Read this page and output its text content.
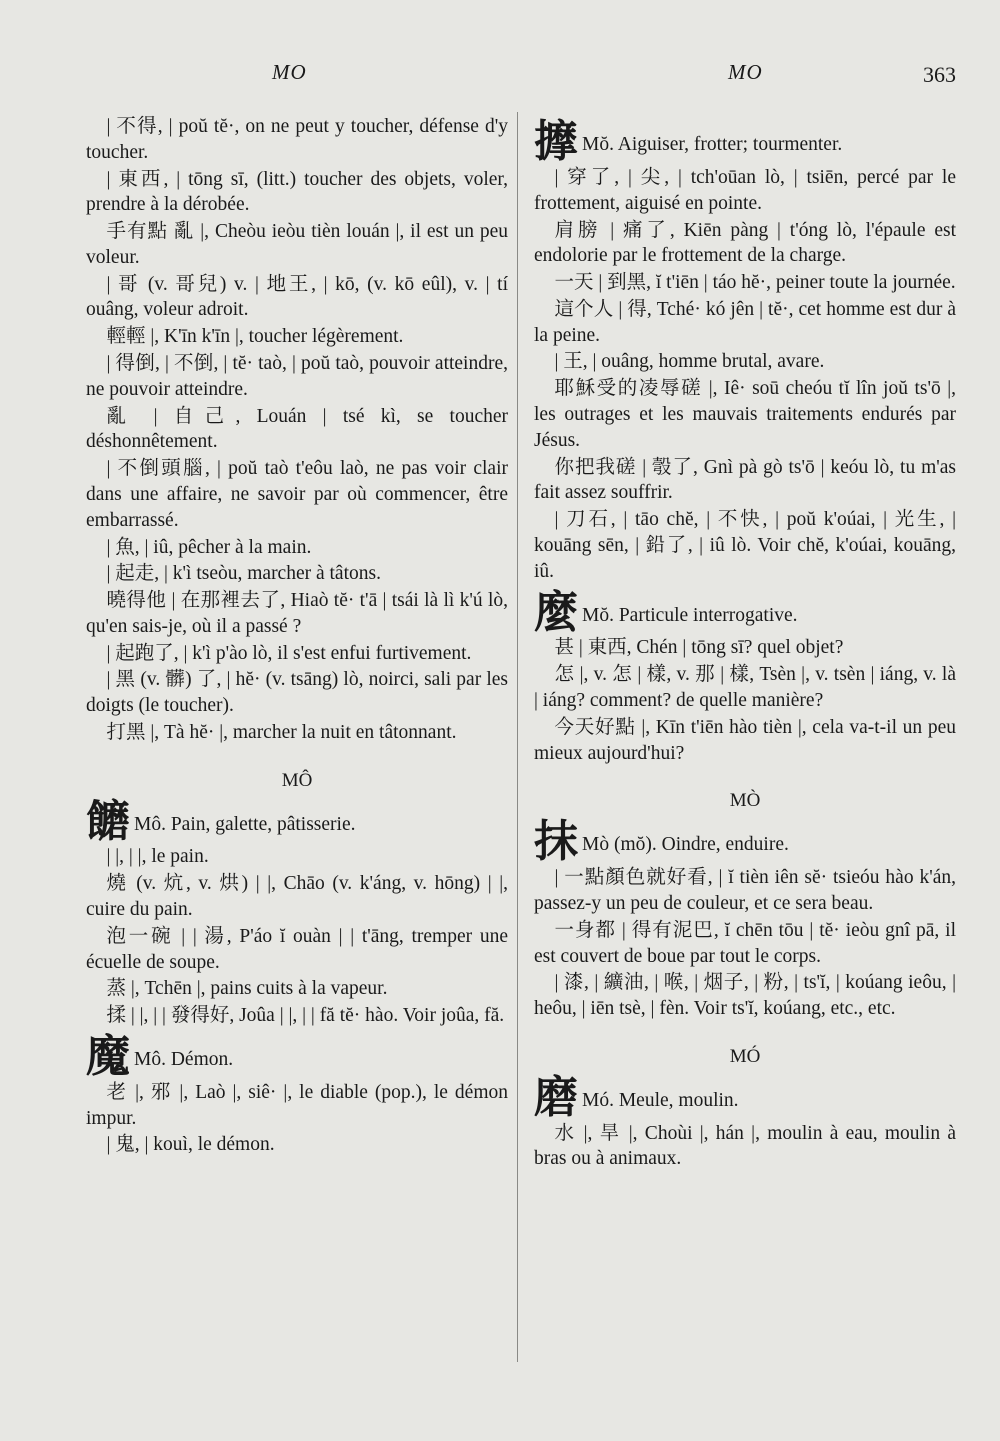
MO	MO	363

| 不得, | poŭ tĕ·, on ne peut y toucher, défense d'y toucher.

| 東西, | tōng sī, (litt.) toucher des objets, voler, prendre à la dérobée.

手有點 亂 |, Cheòu ieòu tièn louán |, il est un peu voleur.

| 哥 (v. 哥兒) v. | 地王, | kō, (v. kō eûl), v. | tí ouâng, voleur adroit.

輕輕 |, K'īn k'īn |, toucher légèrement.

| 得倒, | 不倒, | tĕ· taò, | poŭ taò, pouvoir atteindre, ne pouvoir atteindre.

亂 | 自己, Louán | tsé kì, se toucher déshonnêtement.

| 不倒頭腦, | poŭ taò t'eôu laò, ne pas voir clair dans une affaire, ne savoir par où commencer, être embarrassé.

| 魚, | iû, pêcher à la main.

| 起走, | k'ì tseòu, marcher à tâtons.

曉得他 | 在那裡去了, Hiaò tĕ· t'ā | tsái là lì k'ú lò, qu'en sais-je, où il a passé ?

| 起跑了, | k'ì p'ào lò, il s'est enfui furtivement.

| 黑 (v. 髒) 了, | hĕ· (v. tsāng) lò, noirci, sali par les doigts (le toucher).

打黑 |, Tà hĕ· |, marcher la nuit en tâtonnant.

MÔ

饝 Mô. Pain, galette, pâtisserie.

| |, | |, le pain.

燒 (v. 炕, v. 烘) | |, Chāo (v. k'áng, v. hōng) | |, cuire du pain.

泡一碗 | | 湯, P'áo ĭ ouàn | | t'āng, tremper une écuelle de soupe.

蒸 |, Tchēn |, pains cuits à la vapeur.

揉 | |, | | 發得好, Joûa | |, | | fă tĕ· hào. Voir joûa, fă.

魔 Mô. Démon.

老 |, 邪 |, Laò |, siê· |, le diable (pop.), le démon impur.

| 鬼, | kouì, le démon.

擵 Mŏ. Aiguiser, frotter; tourmenter.

| 穿了, | 尖, | tch'oūan lò, | tsiēn, percé par le frottement, aiguisé en pointe.

肩膀 | 痛了, Kiēn pàng | t'óng lò, l'épaule est endolorie par le frottement de la charge.

一天 | 到黑, ĭ t'iēn | táo hĕ·, peiner toute la journée.

這个人 | 得, Tché· kó jên | tĕ·, cet homme est dur à la peine.

| 王, | ouâng, homme brutal, avare.

耶穌受的凌辱磋 |, Iê· soū cheóu tĭ lîn joŭ ts'ō |, les outrages et les mauvais traitements endurés par Jésus.

你把我磋 | 彀了, Gnì pà gò ts'ō | keóu lò, tu m'as fait assez souffrir.

| 刀石, | tāo chĕ, | 不快, | poŭ k'oúai, | 光生, | kouāng sēn, | 鉛了, | iû lò. Voir chĕ, k'oúai, kouāng, iû.

麼 Mŏ. Particule interrogative.

甚 | 東西, Chén | tōng sī? quel objet?

怎 |, v. 怎 | 樣, v. 那 | 樣, Tsèn |, v. tsèn | iáng, v. là | iáng? comment? de quelle manière?

今天好點 |, Kīn t'iēn hào tièn |, cela va-t-il un peu mieux aujourd'hui?

MÒ

抹 Mò (mŏ). Oindre, enduire.

| 一點顏色就好看, | ĭ tièn iên sĕ· tsieóu hào k'án, passez-y un peu de couleur, et ce sera beau.

一身都 | 得有泥巴, ĭ chēn tōu | tĕ· ieòu gnî pā, il est couvert de boue par tout le corps.

| 漆, | 纊油, | 喉, | 烟子, | 粉, | ts'ĭ, | koúang ieôu, | heôu, | iēn tsè, | fèn. Voir ts'ĭ, koúang, etc., etc.

MÓ

磨 Mó. Meule, moulin.

水 |, 旱 |, Choùi |, hán |, moulin à eau, moulin à bras ou à animaux.
